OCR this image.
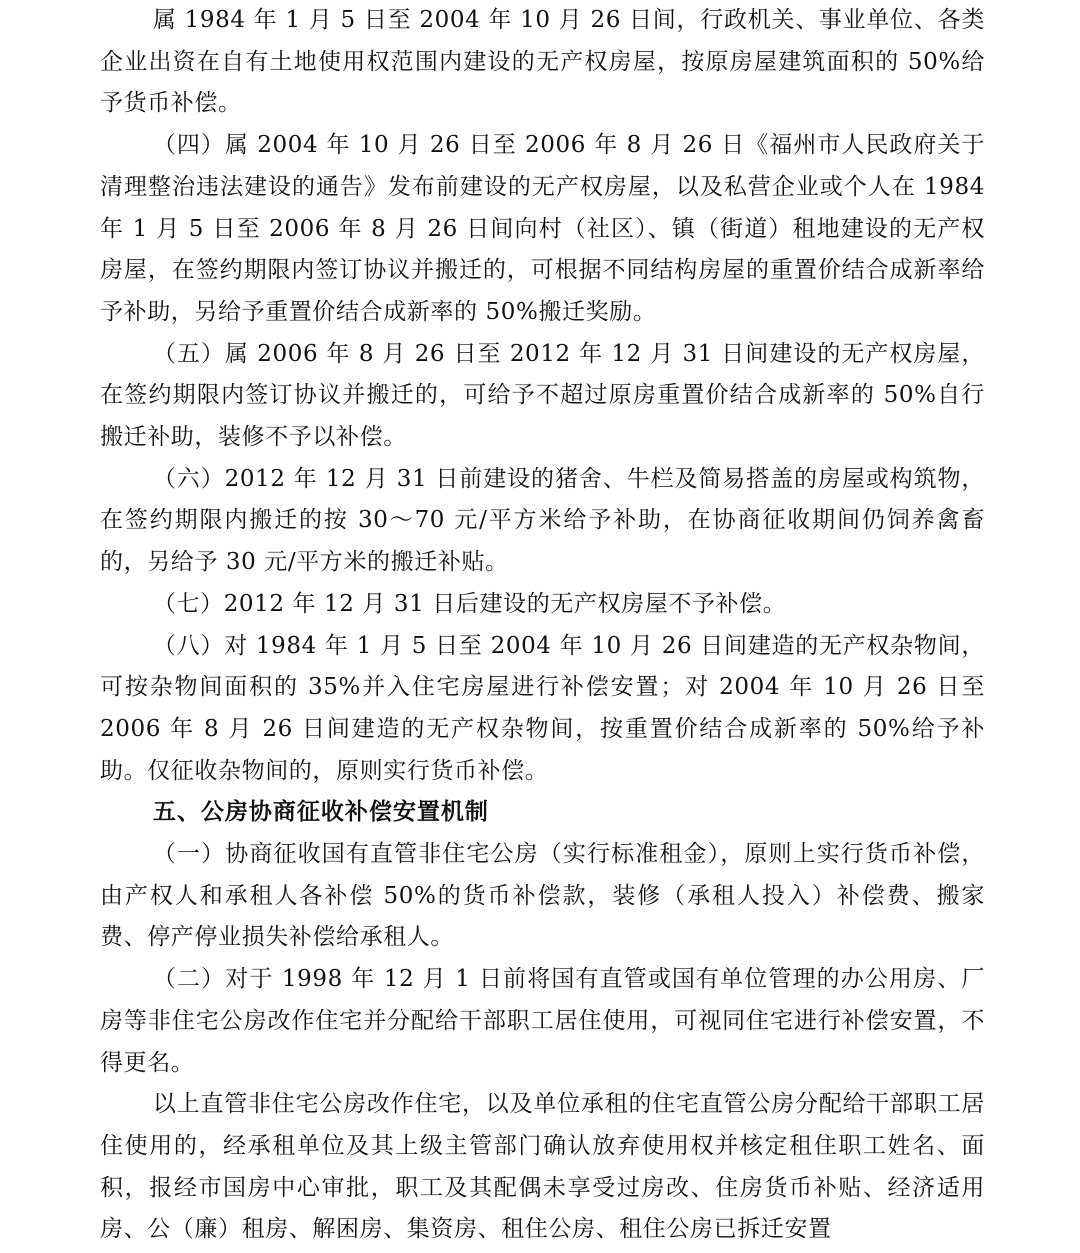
属 1984 年 1 月 5 日至 2004 年 10 月 26 日间，行政机关、事业单位、各类企业出资在自有土地使用权范围内建设的无产权房屋，按原房屋建筑面积的 50%给予货币补偿。

（四）属 2004 年 10 月 26 日至 2006 年 8 月 26 日《福州市人民政府关于清理整治违法建设的通告》发布前建设的无产权房屋，以及私营企业或个人在 1984 年 1 月 5 日至 2006 年 8 月 26 日间向村（社区）、镇（街道）租地建设的无产权房屋，在签约期限内签订协议并搬迁的，可根据不同结构房屋的重置价结合成新率给予补助，另给予重置价结合成新率的 50%搬迁奖励。

（五）属 2006 年 8 月 26 日至 2012 年 12 月 31 日间建设的无产权房屋，在签约期限内签订协议并搬迁的，可给予不超过原房重置价结合成新率的 50%自行搬迁补助，装修不予以补偿。

（六）2012 年 12 月 31 日前建设的猪舍、牛栏及简易搭盖的房屋或构筑物，在签约期限内搬迁的按 30～70 元/平方米给予补助，在协商征收期间仍饲养禽畜的，另给予 30 元/平方米的搬迁补贴。

（七）2012 年 12 月 31 日后建设的无产权房屋不予补偿。

（八）对 1984 年 1 月 5 日至 2004 年 10 月 26 日间建造的无产权杂物间，可按杂物间面积的 35%并入住宅房屋进行补偿安置；对 2004 年 10 月 26 日至 2006 年 8 月 26 日间建造的无产权杂物间，按重置价结合成新率的 50%给予补助。仅征收杂物间的，原则实行货币补偿。

五、公房协商征收补偿安置机制

（一）协商征收国有直管非住宅公房（实行标准租金），原则上实行货币补偿，由产权人和承租人各补偿 50%的货币补偿款，装修（承租人投入）补偿费、搬家费、停产停业损失补偿给承租人。

（二）对于 1998 年 12 月 1 日前将国有直管或国有单位管理的办公用房、厂房等非住宅公房改作住宅并分配给干部职工居住使用，可视同住宅进行补偿安置，不得更名。

以上直管非住宅公房改作住宅，以及单位承租的住宅直管公房分配给干部职工居住使用的，经承租单位及其上级主管部门确认放弃使用权并核定租住职工姓名、面积，报经市国房中心审批，职工及其配偶未享受过房改、住房货币补贴、经济适用房、公（廉）租房、解困房、集资房、租住公房、租住公房已拆迁安置
